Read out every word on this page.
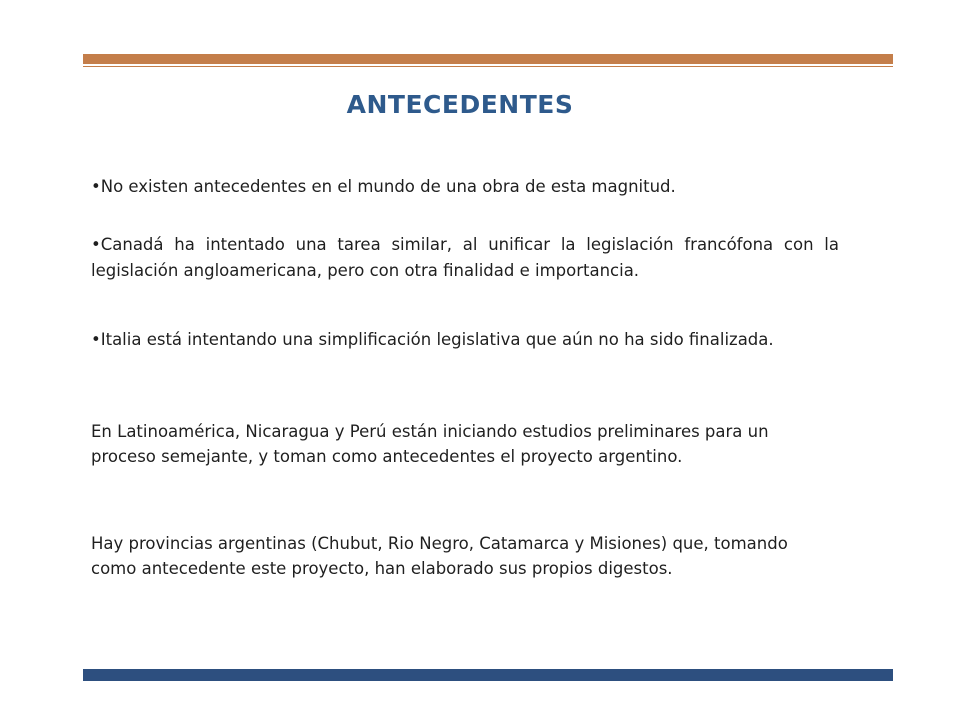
ANTECEDENTES

•No existen antecedentes en el mundo de una obra de esta magnitud.

•Canadá ha intentado una tarea similar, al unificar la legislación francófona con la legislación angloamericana, pero con otra finalidad e importancia.

•Italia está intentando una simplificación legislativa que aún no ha sido finalizada.

En Latinoamérica, Nicaragua y Perú están iniciando estudios preliminares para un proceso semejante, y toman como antecedentes el proyecto argentino.

Hay provincias argentinas (Chubut, Rio Negro, Catamarca y Misiones) que, tomando como antecedente este proyecto, han elaborado sus propios digestos.
